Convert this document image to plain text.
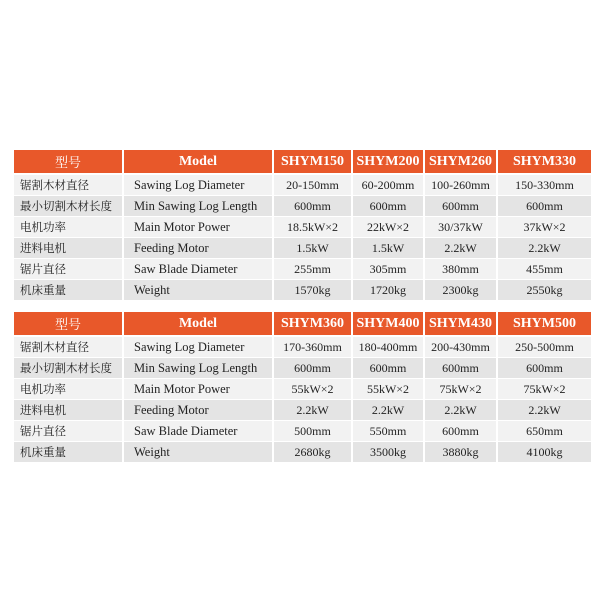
型号	Model	SHYM150	SHYM200	SHYM260	SHYM330
锯割木材直径	Sawing Log Diameter	20-150mm	60-200mm	100-260mm	150-330mm
最小切割木材长度	Min Sawing Log Length	600mm	600mm	600mm	600mm
电机功率	Main Motor Power	18.5kW×2	22kW×2	30/37kW	37kW×2
进料电机	Feeding Motor	1.5kW	1.5kW	2.2kW	2.2kW
锯片直径	Saw Blade Diameter	255mm	305mm	380mm	455mm
机床重量	Weight	1570kg	1720kg	2300kg	2550kg
型号	Model	SHYM360	SHYM400	SHYM430	SHYM500
锯割木材直径	Sawing Log Diameter	170-360mm	180-400mm	200-430mm	250-500mm
最小切割木材长度	Min Sawing Log Length	600mm	600mm	600mm	600mm
电机功率	Main Motor Power	55kW×2	55kW×2	75kW×2	75kW×2
进料电机	Feeding Motor	2.2kW	2.2kW	2.2kW	2.2kW
锯片直径	Saw Blade Diameter	500mm	550mm	600mm	650mm
机床重量	Weight	2680kg	3500kg	3880kg	4100kg
